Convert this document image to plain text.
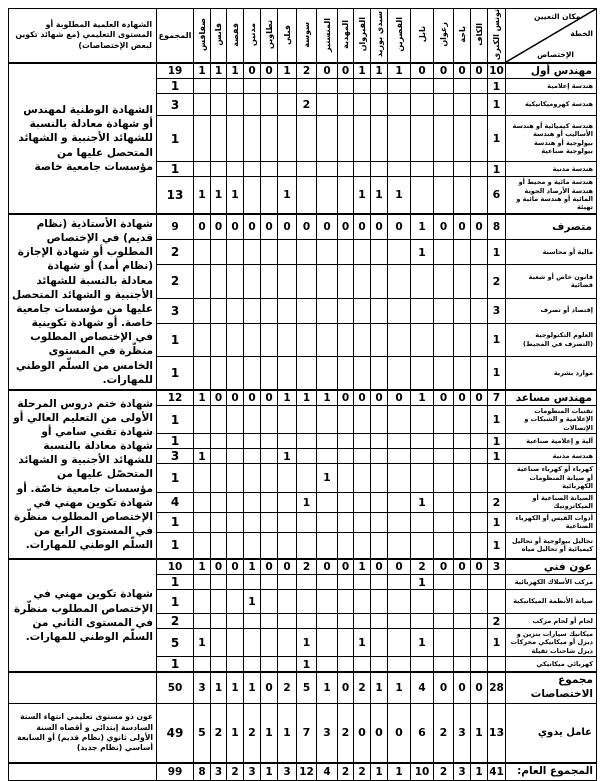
الشهادة العلمية المطلوبة أو المستوى التعليمي (مع شهائد تكوين لبعض الإختصاصات)	المجموع	صفاقس	قابس	قفصة	مدنين	تطاوين	قبلي	سوسة	المنستير	المهدية	القيروان	سيدي بوزيد	القصرين	نابل	زغوان	باجة	الكاف	تونس الكبرى	مكان التعيين
الخطة
الإختصاص

الشهادة الوطنية لمهندس أو شهادة معادلة بالنسبة للشهائد الأجنبية و الشهائد المتحصل عليها من مؤسسات جامعية خاصة	19	1	1	1	0	0	1	2	0	0	1	1	1	0	0	0	0	10	مهندس أول
	1																	1	هندسة إعلامية
	3							2										1	هندسة كهروميكانيكية
	1																	1	هندسة كيميائية أو هندسة الأساليب أو هندسة بيولوجية أو هندسة بيولوجية صناعية
	1																	1	هندسة مدنية
	13	1	1	1			1				1	1	1					6	هندسة مائية و محيط أو هندسة الأرصاد الجوية المائية أو هندسة مائية و تهيئة
شهادة الأستاذية (نظام قديم) في الإختصاص المطلوب أو شهادة الإجازة (نظام أمد) أو شهادة معادلة بالنسبة للشهائد الأجنبية و الشهائد المتحصل عليها من مؤسسات جامعية خاصة. أو شهادة تكوينية في الإختصاص المطلوب منظّرة في المستوى الخامس من السلّم الوطني للمهارات.	9	0	0	0	0	0	0	0	0	0	0	0	0	1	0	0	0	8	متصرف
	2													1				1	مالية أو محاسبة
	2																	2	قانون خاص أو شعبة قضائية
	3																	3	إقتصاد أو تصرف
	1																	1	العلوم التكنولوجية (التصرف في المحيط)
	1																	1	موارد بشرية
شهادة ختم دروس المرحلة الأولى من التعليم العالي أو شهادة تقني سامي أو شهادة معادلة بالنسبة للشهائد الأجنبية و الشهائد المتحصّل عليها من مؤسسات جامعية خاصّة. أو شهادة تكوين مهني في الإختصاص المطلوب منظّرة في المستوى الرابع من السلّم الوطني للمهارات.	12	1	0	0	0	0	1	1	1	0	0	0	0	1	0	0	0	7	مهندس مساعد
	1																	1	تقنيات المنظومات الإعلامية و الشبكات و الإتصالات
	1																	1	آلية و إعلامية صناعية
	3	1					1											1	هندسة مدنية
	1								1										كهرباء أو كهرباء صناعية أو صيانة المنظومات الكهربائية
	4							1						1				2	الصيانة الصناعية أو الميكاترونيك
	1																	1	أدوات القيس أو الكهرباء الصناعية
	1																	1	تحاليل بيولوجية أو تحاليل كيميائية أو تحاليل مياه
شهادة تكوين مهني في الإختصاص المطلوب منظّرة في المستوى الثاني من السلّم الوطني للمهارات.	10	1	0	0	1	0	0	2	0	0	1	0	0	2	0	0	0	3	عون فني
	1													1					مركب الأسلاك الكهربائية
	1				1														صيانة الأنظمة الميكانيكية
	2																	2	لحام أو لحام مركب
	5	1						1			1			1				1	ميكانيك سيارات بنزين و ديزل أو ميكانيكي محركات ديزل شاحنات ثقيلة
	1							1											كهربائي ميكانيكي
	50	3	1	1	1	0	2	5	1	0	2	1	1	4	0	0	0	28	مجموع الاختصاصات
عون ذو مستوى تعليمي انتهاء السنة السادسة إبتدائي و أقصاه السنة الأولى ثانوي (نظام قديم) أو السابعة أساسي (نظام جديد)	49	5	2	1	2	1	1	7	3	2	0	0	0	6	2	3	1	13	عامل يدوي
	99	8	3	2	3	1	3	12	4	2	2	1	1	10	2	3	1	41	المجموع العام:
